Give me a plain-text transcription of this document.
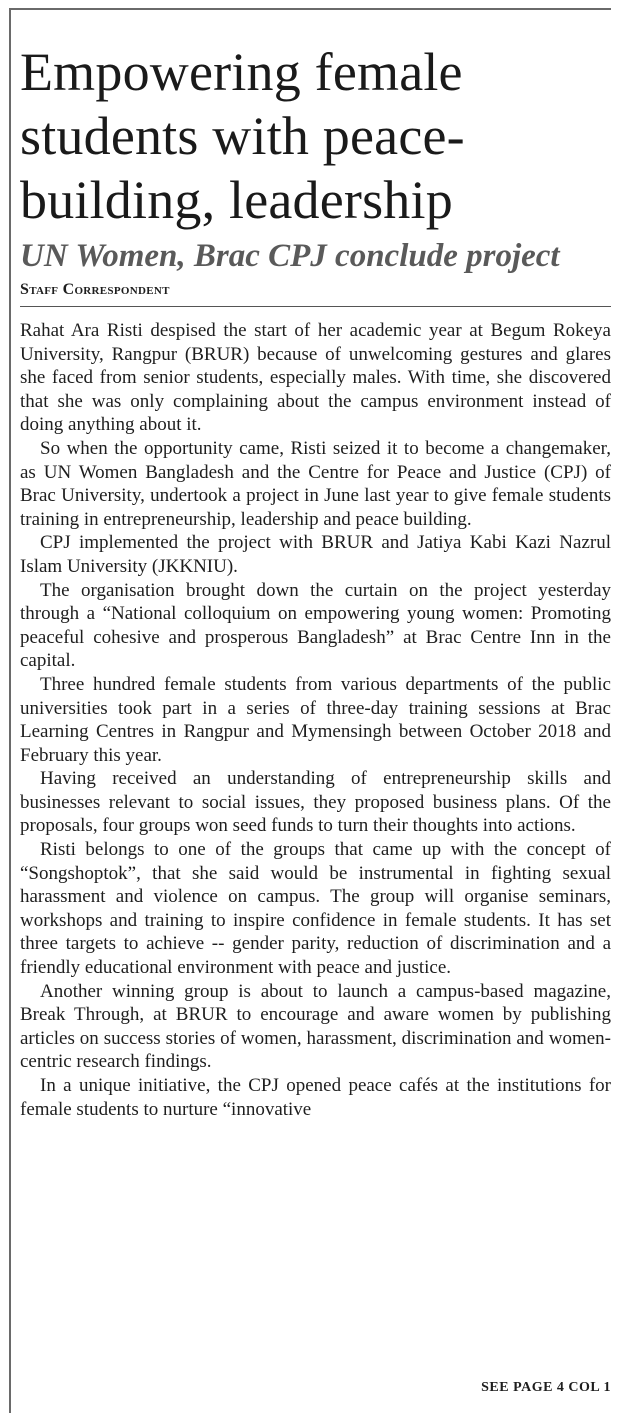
Empowering female
students with peace-
building, leadership
UN Women, Brac CPJ conclude project
Staff Correspondent

Rahat Ara Risti despised the start of her academic year at Begum Rokeya University, Rangpur (BRUR) because of unwelcoming gestures and glares she faced from senior students, especially males. With time, she discovered that she was only complaining about the campus environment instead of doing anything about it.

So when the opportunity came, Risti seized it to become a changemaker, as UN Women Bangladesh and the Centre for Peace and Justice (CPJ) of Brac University, undertook a project in June last year to give female students training in entrepreneurship, leadership and peace building.

CPJ implemented the project with BRUR and Jatiya Kabi Kazi Nazrul Islam University (JKKNIU).

The organisation brought down the curtain on the project yesterday through a “National colloquium on empowering young women: Promoting peaceful cohesive and prosperous Bangladesh” at Brac Centre Inn in the capital.

Three hundred female students from various departments of the public universities took part in a series of three-day training sessions at Brac Learning Centres in Rangpur and Mymensingh between October 2018 and February this year.

Having received an understanding of entrepreneurship skills and businesses relevant to social issues, they proposed business plans. Of the proposals, four groups won seed funds to turn their thoughts into actions.

Risti belongs to one of the groups that came up with the concept of “Songshoptok”, that she said would be instrumental in fighting sexual harassment and violence on campus. The group will organise seminars, workshops and training to inspire confidence in female students. It has set three targets to achieve -- gender parity, reduction of discrimination and a friendly educational environment with peace and justice.

Another winning group is about to launch a campus-based magazine, Break Through, at BRUR to encourage and aware women by publishing articles on success stories of women, harassment, discrimination and women-centric research findings.

In a unique initiative, the CPJ opened peace cafés at the institutions for female students to nurture “innovative

SEE PAGE 4 COL 1
